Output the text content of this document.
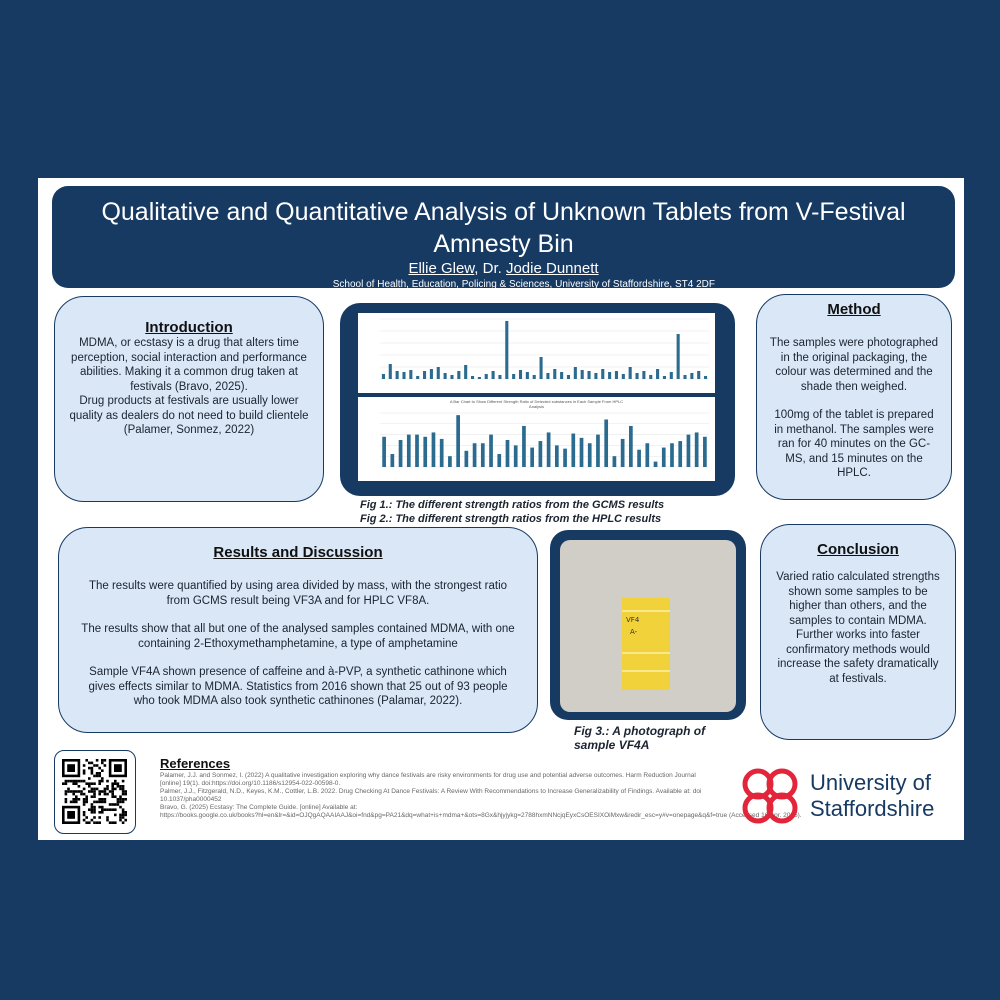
Qualitative and Quantitative Analysis of Unknown Tablets from V-Festival
Amnesty Bin
Ellie Glew, Dr. Jodie Dunnett
School of Health, Education, Policing & Sciences, University of Staffordshire, ST4 2DF
Introduction

MDMA, or ecstasy is a drug that alters time perception, social interaction and performance abilities. Making it a common drug taken at festivals (Bravo, 2025).

Drug products at festivals are usually lower quality as dealers do not need to build clientele (Palamer, Sonmez, 2022)

A Bar Chart to Show Different Strength Ratio of Detected substances in Each Sample From HPLC Analysis
Fig 1.: The different strength ratios from the GCMS results
Fig 2.: The different strength ratios from the HPLC results
Method

The samples were photographed in the original packaging, the colour was determined and the shade then weighed.

100mg of the tablet is prepared in methanol. The samples were ran for 40 minutes on the GC-MS, and 15 minutes on the HPLC.

Results and Discussion

The results were quantified by using area divided by mass, with the strongest ratio from GCMS result being VF3A and for HPLC VF8A.

The results show that all but one of the analysed samples contained MDMA, with one containing 2-Ethoxymethamphetamine, a type of amphetamine

Sample VF4A shown presence of caffeine and à-PVP, a synthetic cathinone which gives effects similar to MDMA. Statistics from 2016 shown that 25 out of 93 people who took MDMA also took synthetic cathinones (Palamar, 2022).

VF4
A-
Fig 3.: A photograph of
sample VF4A
Conclusion

Varied ratio calculated strengths shown some samples to be higher than others, and the samples to contain MDMA.

Further works into faster confirmatory methods would increase the safety dramatically at festivals.

References
Palamer, J.J. and Sonmez, I. (2022) A qualitative investigation exploring why dance festivals are risky environments for drug use and potential adverse outcomes. Harm Reduction Journal
[online] 19(1). doi:https://doi.org/10.1186/s12954-022-00598-0.
Palmer, J.J., Fitzgerald, N.D., Keyes, K.M., Cottler, L.B. 2022. Drug Checking At Dance Festivals: A Review With Recommendations to Increase Generalizability of Findings. Available at: doi
10.1037/pha0000452
Bravo, G. (2025) Ecstasy: The Complete Guide. [online] Available at:
https://books.google.co.uk/books?hl=en&lr=&id=OJQgAQAAIAAJ&oi=fnd&pg=PA21&dq=what+is+mdma+&ots=8Gx&hjyjykg=2788hxmNNcjqEyxCsOESIXOiMxw&redir_esc=y#v=onepage&q&f=true (Accessed 16 Apr. 2025).
University of
Staffordshire
